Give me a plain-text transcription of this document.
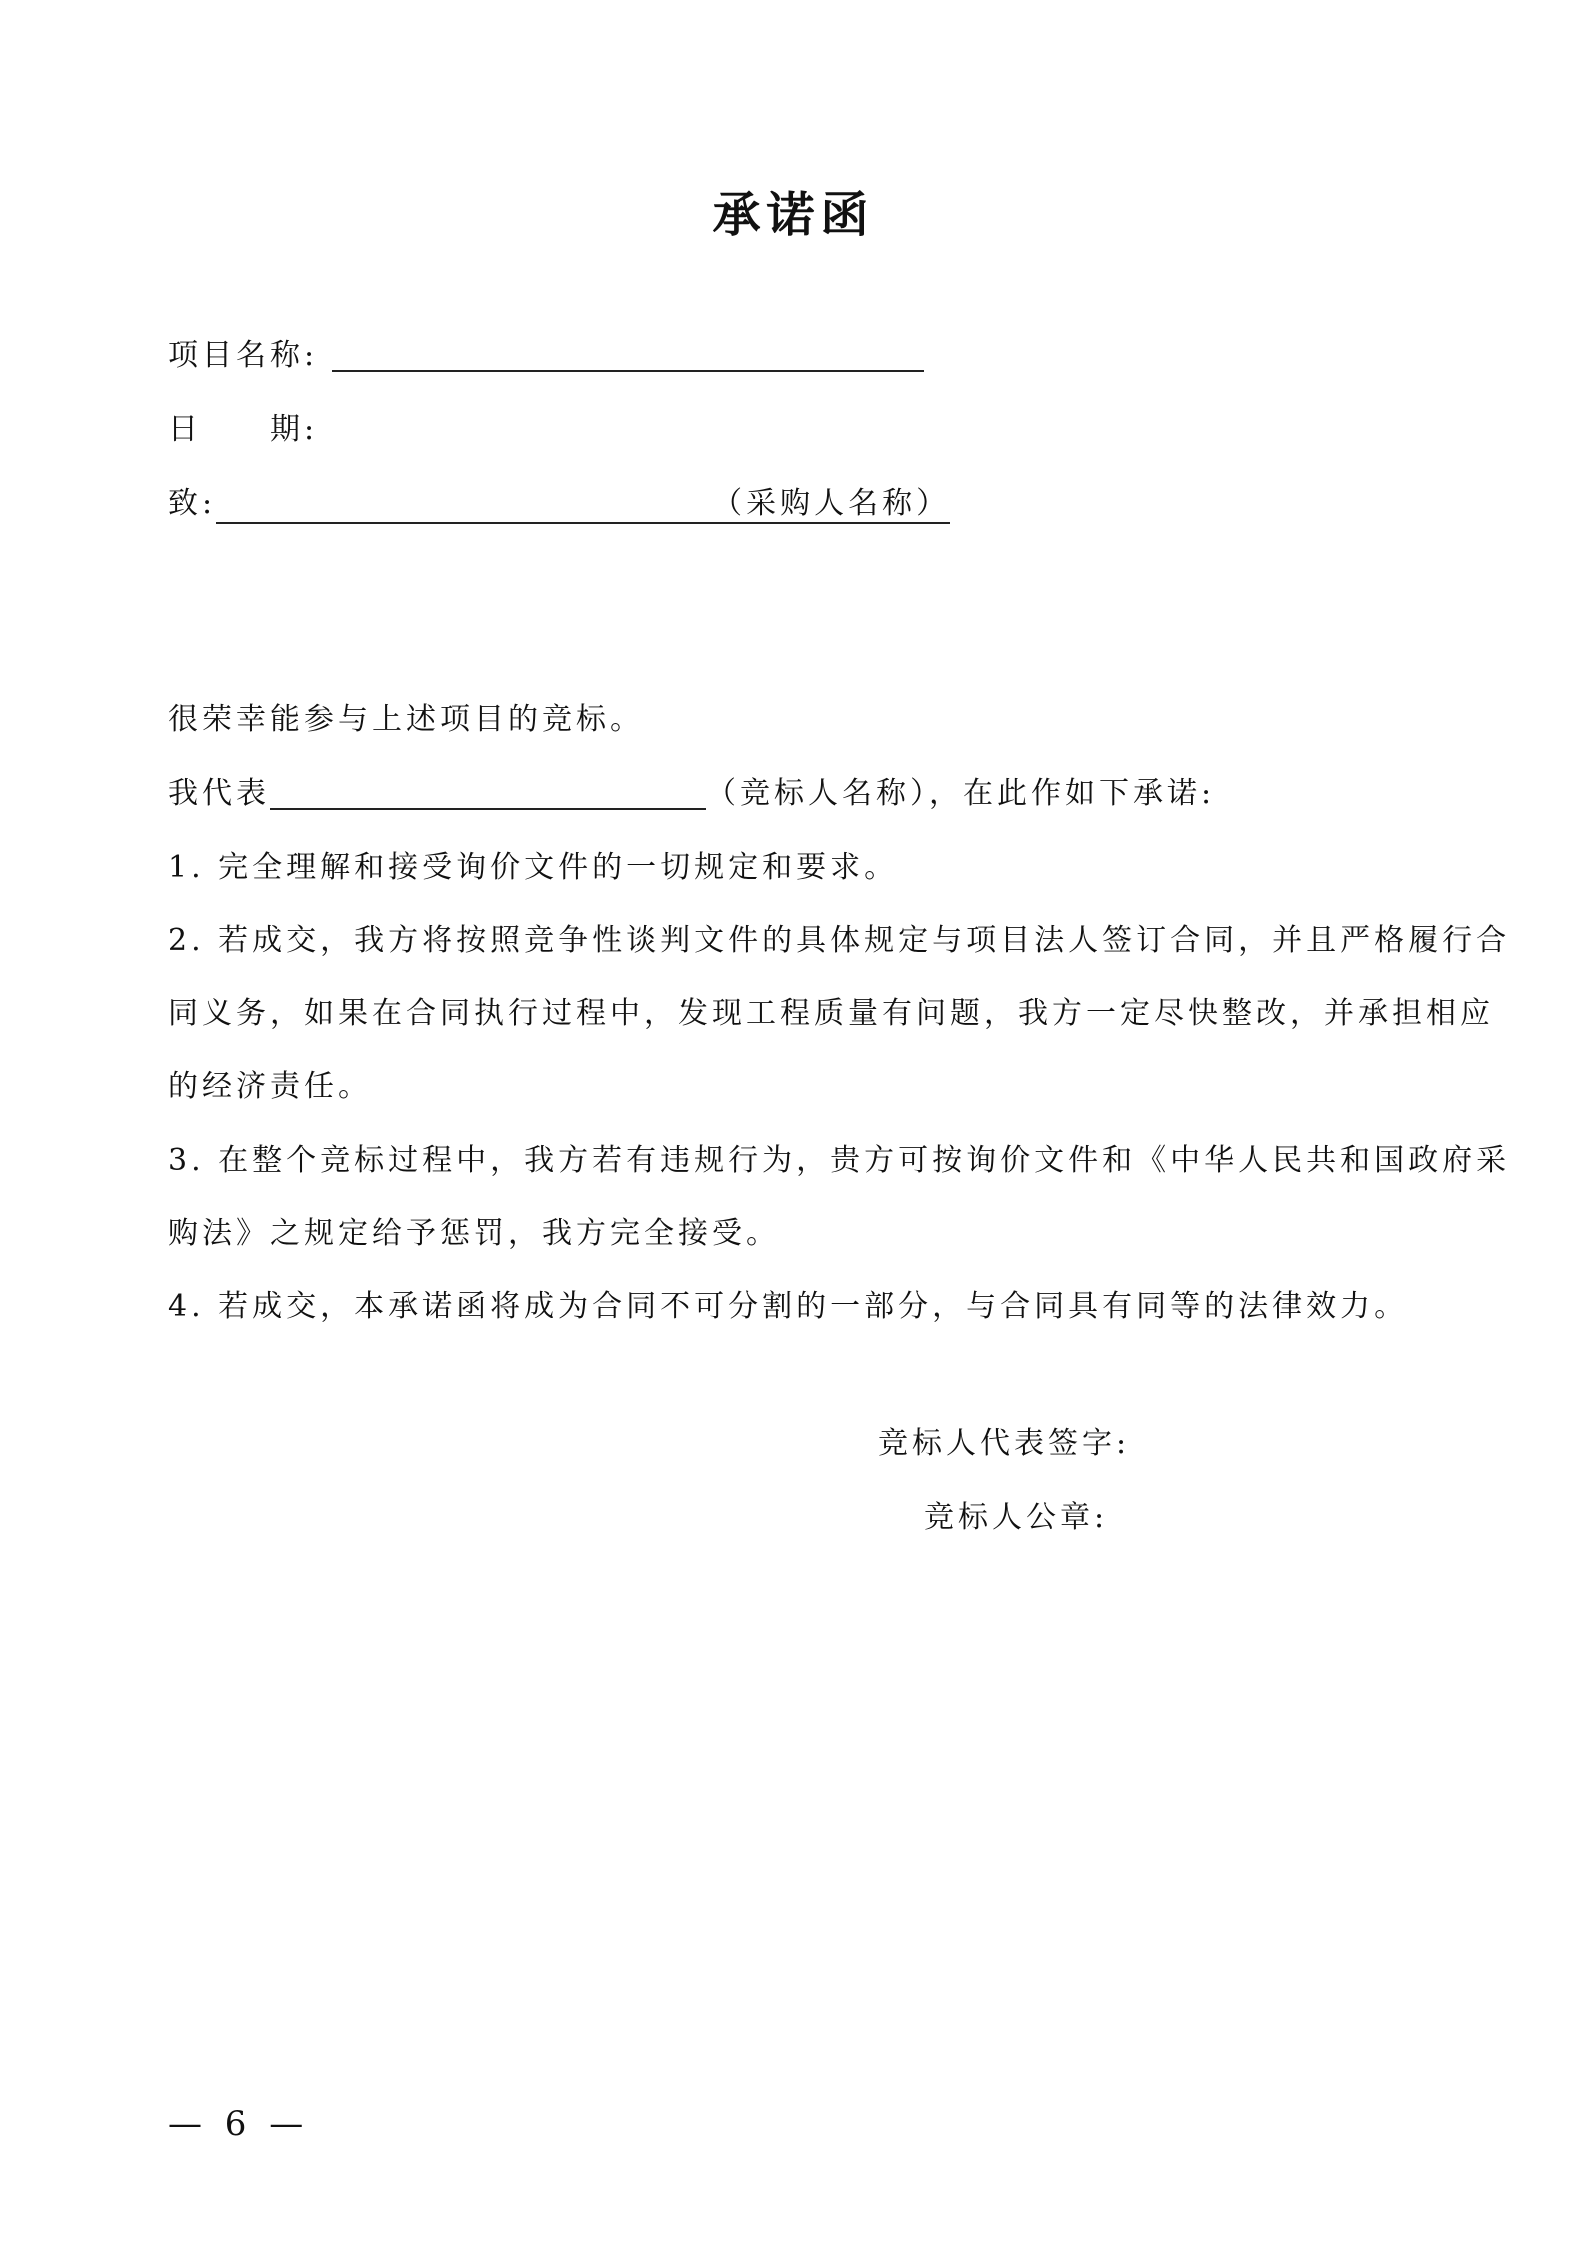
承诺函
项目名称:
日 期:
致:	（采购人名称）
很荣幸能参与上述项目的竞标。
我代表	（竞标人名称），在此作如下承诺:
1. 完全理解和接受询价文件的一切规定和要求。
2. 若成交，我方将按照竞争性谈判文件的具体规定与项目法人签订合同，并且严格履行合
同义务，如果在合同执行过程中，发现工程质量有问题，我方一定尽快整改，并承担相应
的经济责任。
3. 在整个竞标过程中，我方若有违规行为，贵方可按询价文件和《中华人民共和国政府采
购法》之规定给予惩罚，我方完全接受。
4. 若成交，本承诺函将成为合同不可分割的一部分，与合同具有同等的法律效力。
竞标人代表签字:
竞标人公章:
— 6 —
